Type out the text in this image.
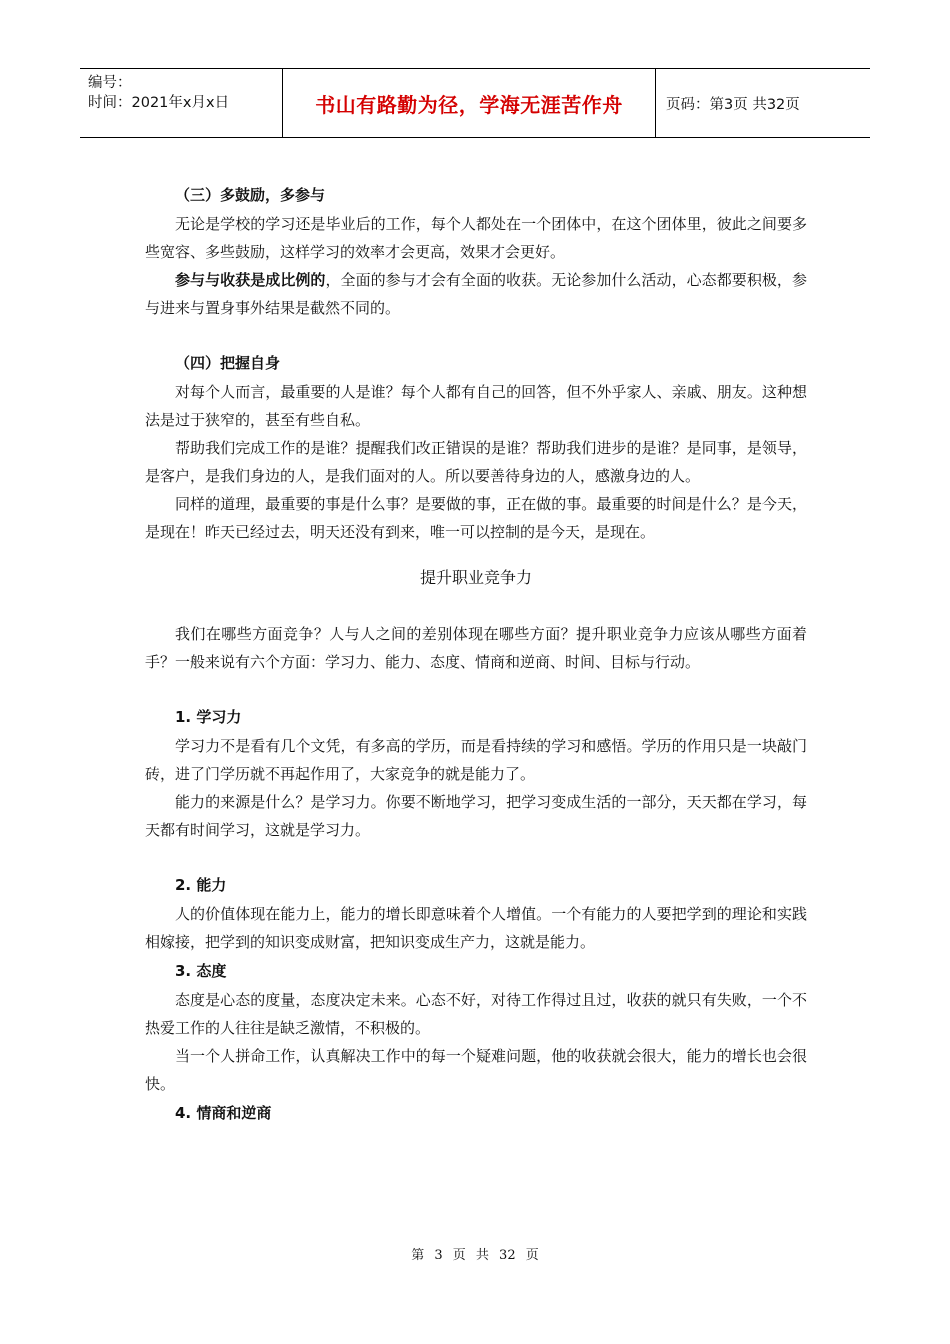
编号：
时间：2021年x月x日	书山有路勤为径，学海无涯苦作舟	页码：第3页 共32页
（三）多鼓励，多参与

无论是学校的学习还是毕业后的工作，每个人都处在一个团体中，在这个团体里，彼此之间要多些宽容、多些鼓励，这样学习的效率才会更高，效果才会更好。

参与与收获是成比例的，全面的参与才会有全面的收获。无论参加什么活动，心态都要积极，参与进来与置身事外结果是截然不同的。

（四）把握自身

对每个人而言，最重要的人是谁？每个人都有自己的回答，但不外乎家人、亲戚、朋友。这种想法是过于狭窄的，甚至有些自私。

帮助我们完成工作的是谁？提醒我们改正错误的是谁？帮助我们进步的是谁？是同事，是领导，是客户，是我们身边的人，是我们面对的人。所以要善待身边的人，感激身边的人。

同样的道理，最重要的事是什么事？是要做的事，正在做的事。最重要的时间是什么？是今天，是现在！昨天已经过去，明天还没有到来，唯一可以控制的是今天，是现在。

提升职业竞争力

我们在哪些方面竞争？人与人之间的差别体现在哪些方面？提升职业竞争力应该从哪些方面着手？一般来说有六个方面：学习力、能力、态度、情商和逆商、时间、目标与行动。

1. 学习力

学习力不是看有几个文凭，有多高的学历，而是看持续的学习和感悟。学历的作用只是一块敲门砖，进了门学历就不再起作用了，大家竞争的就是能力了。

能力的来源是什么？是学习力。你要不断地学习，把学习变成生活的一部分，天天都在学习，每天都有时间学习，这就是学习力。

2. 能力

人的价值体现在能力上，能力的增长即意味着个人增值。一个有能力的人要把学到的理论和实践相嫁接，把学到的知识变成财富，把知识变成生产力，这就是能力。

3. 态度

态度是心态的度量，态度决定未来。心态不好，对待工作得过且过，收获的就只有失败，一个不热爱工作的人往往是缺乏激情，不积极的。

当一个人拼命工作，认真解决工作中的每一个疑难问题，他的收获就会很大，能力的增长也会很快。

4. 情商和逆商
第 3 页 共 32 页
